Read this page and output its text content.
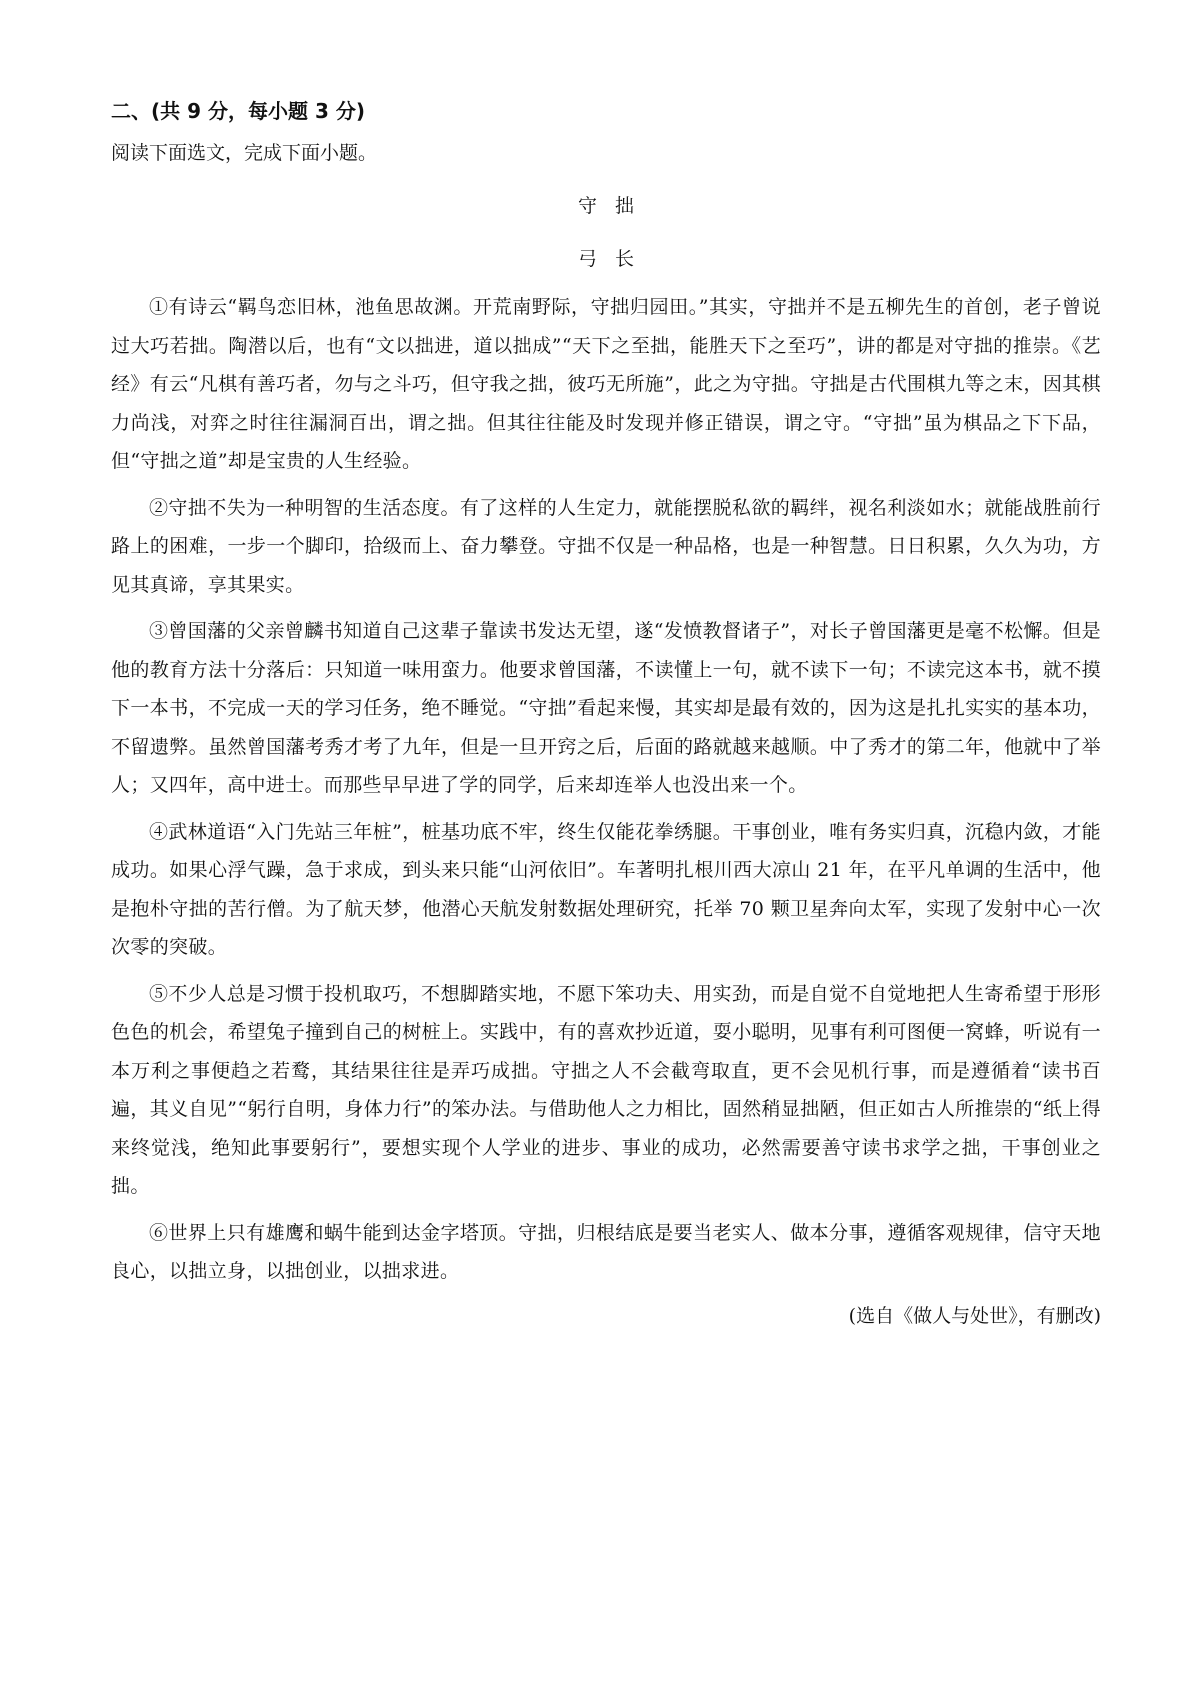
二、(共 9 分，每小题 3 分)

阅读下面选文，完成下面小题。

守拙

弓长

①有诗云“羁鸟恋旧林，池鱼思故渊。开荒南野际，守拙归园田。”其实，守拙并不是五柳先生的首创，老子曾说过大巧若拙。陶潜以后，也有“文以拙进，道以拙成”“天下之至拙，能胜天下之至巧”，讲的都是对守拙的推崇。《艺经》有云“凡棋有善巧者，勿与之斗巧，但守我之拙，彼巧无所施”，此之为守拙。守拙是古代围棋九等之末，因其棋力尚浅，对弈之时往往漏洞百出，谓之拙。但其往往能及时发现并修正错误，谓之守。“守拙”虽为棋品之下下品，但“守拙之道”却是宝贵的人生经验。

②守拙不失为一种明智的生活态度。有了这样的人生定力，就能摆脱私欲的羁绊，视名利淡如水；就能战胜前行路上的困难，一步一个脚印，拾级而上、奋力攀登。守拙不仅是一种品格，也是一种智慧。日日积累，久久为功，方见其真谛，享其果实。

③曾国藩的父亲曾麟书知道自己这辈子靠读书发达无望，遂“发愤教督诸子”，对长子曾国藩更是毫不松懈。但是他的教育方法十分落后：只知道一味用蛮力。他要求曾国藩，不读懂上一句，就不读下一句；不读完这本书，就不摸下一本书，不完成一天的学习任务，绝不睡觉。“守拙”看起来慢，其实却是最有效的，因为这是扎扎实实的基本功，不留遗弊。虽然曾国藩考秀才考了九年，但是一旦开窍之后，后面的路就越来越顺。中了秀才的第二年，他就中了举人；又四年，高中进士。而那些早早进了学的同学，后来却连举人也没出来一个。

④武林道语“入门先站三年桩”，桩基功底不牢，终生仅能花拳绣腿。干事创业，唯有务实归真，沉稳内敛，才能成功。如果心浮气躁，急于求成，到头来只能“山河依旧”。车著明扎根川西大凉山 21 年，在平凡单调的生活中，他是抱朴守拙的苦行僧。为了航天梦，他潜心天航发射数据处理研究，托举 70 颗卫星奔向太军，实现了发射中心一次次零的突破。

⑤不少人总是习惯于投机取巧，不想脚踏实地，不愿下笨功夫、用实劲，而是自觉不自觉地把人生寄希望于形形色色的机会，希望兔子撞到自己的树桩上。实践中，有的喜欢抄近道，耍小聪明，见事有利可图便一窝蜂，听说有一本万利之事便趋之若鹜，其结果往往是弄巧成拙。守拙之人不会截弯取直，更不会见机行事，而是遵循着“读书百遍，其义自见”“躬行自明，身体力行”的笨办法。与借助他人之力相比，固然稍显拙陋，但正如古人所推崇的“纸上得来终觉浅，绝知此事要躬行”，要想实现个人学业的进步、事业的成功，必然需要善守读书求学之拙，干事创业之拙。

⑥世界上只有雄鹰和蜗牛能到达金字塔顶。守拙，归根结底是要当老实人、做本分事，遵循客观规律，信守天地良心，以拙立身，以拙创业，以拙求进。

(选自《做人与处世》，有删改)
